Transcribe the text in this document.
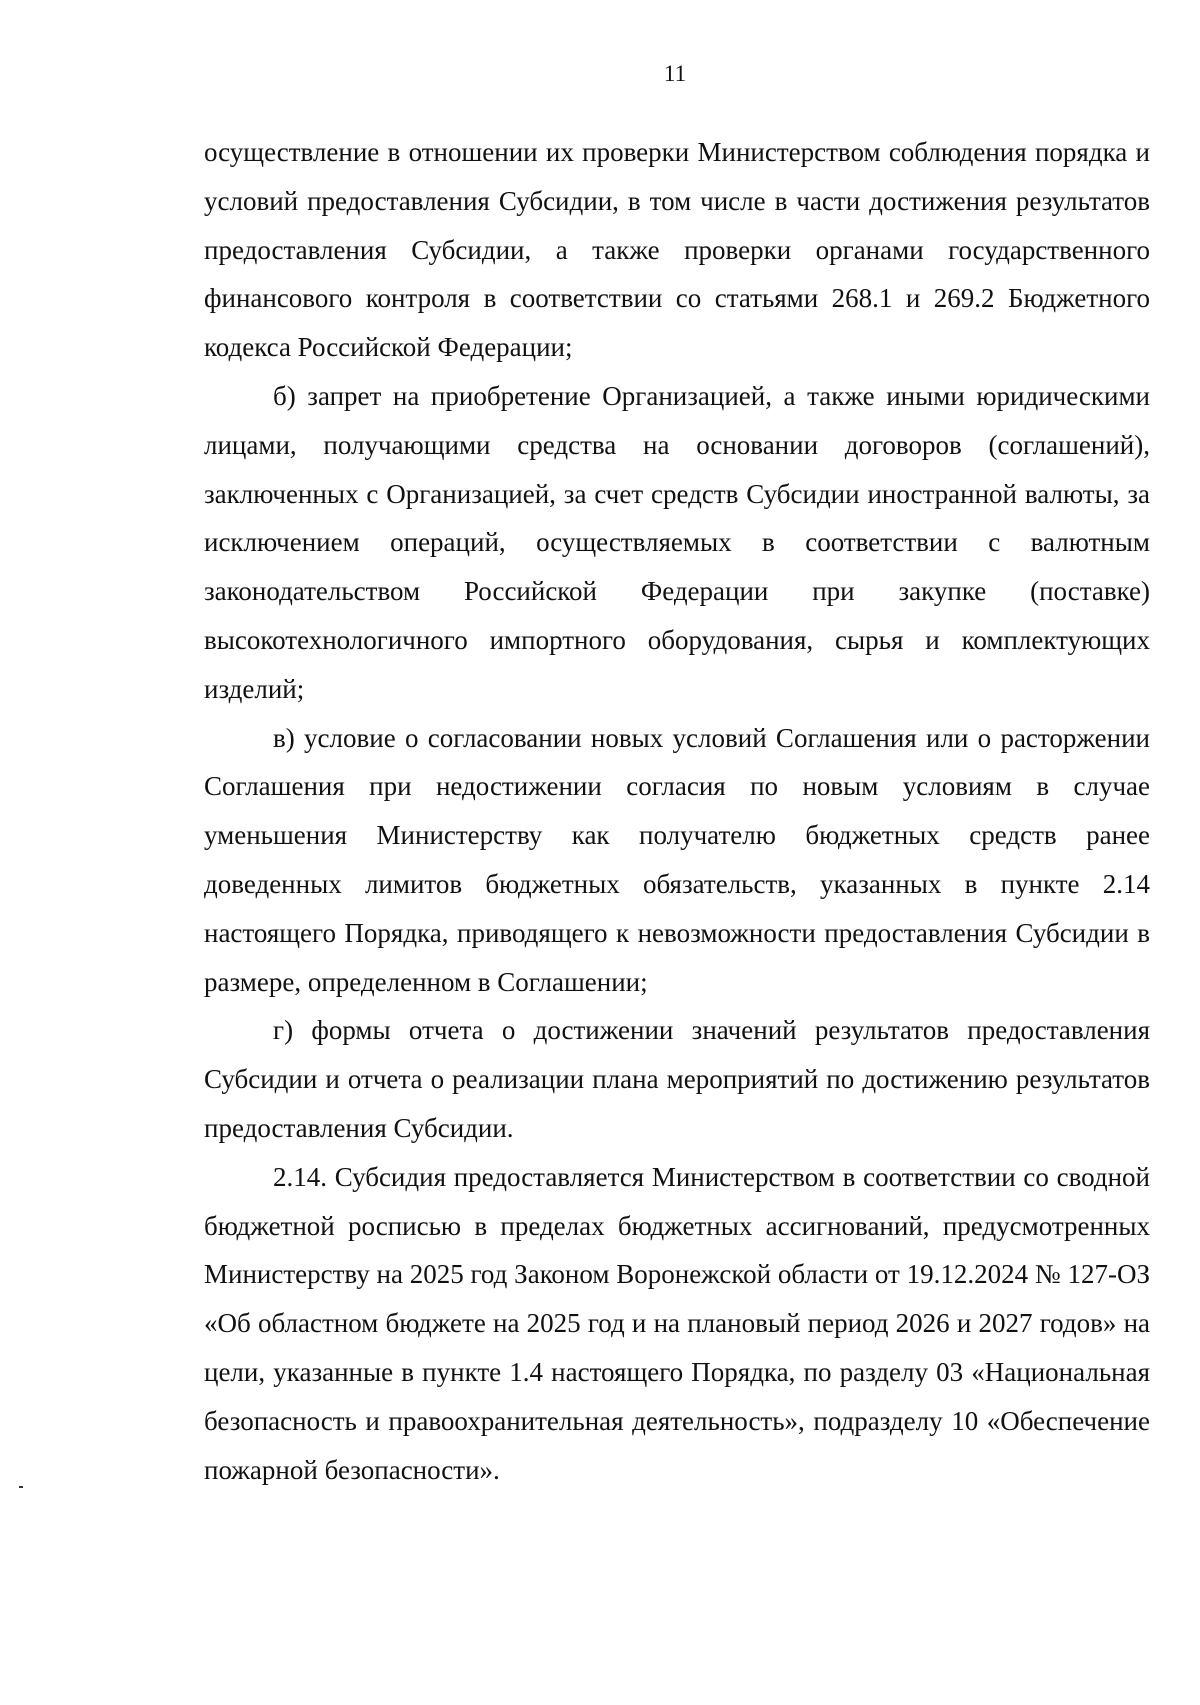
11

осуществление в отношении их проверки Министерством соблюдения порядка и условий предоставления Субсидии, в том числе в части достижения результатов предоставления Субсидии, а также проверки органами государственного финансового контроля в соответствии со статьями 268.1 и 269.2 Бюджетного кодекса Российской Федерации;

б) запрет на приобретение Организацией, а также иными юридическими лицами, получающими средства на основании договоров (соглашений), заключенных с Организацией, за счет средств Субсидии иностранной валюты, за исключением операций, осуществляемых в соответствии с валютным законодательством Российской Федерации при закупке (поставке) высокотехнологичного импортного оборудования, сырья и комплектующих изделий;

в) условие о согласовании новых условий Соглашения или о расторжении Соглашения при недостижении согласия по новым условиям в случае уменьшения Министерству как получателю бюджетных средств ранее доведенных лимитов бюджетных обязательств, указанных в пункте 2.14 настоящего Порядка, приводящего к невозможности предоставления Субсидии в размере, определенном в Соглашении;

г) формы отчета о достижении значений результатов предоставления Субсидии и отчета о реализации плана мероприятий по достижению результатов предоставления Субсидии.

2.14. Субсидия предоставляется Министерством в соответствии со сводной бюджетной росписью в пределах бюджетных ассигнований, предусмотренных Министерству на 2025 год Законом Воронежской области от 19.12.2024 № 127-ОЗ «Об областном бюджете на 2025 год и на плановый период 2026 и 2027 годов» на цели, указанные в пункте 1.4 настоящего Порядка, по разделу 03 «Национальная безопасность и правоохранительная деятельность», подразделу 10 «Обеспечение пожарной безопасности».
